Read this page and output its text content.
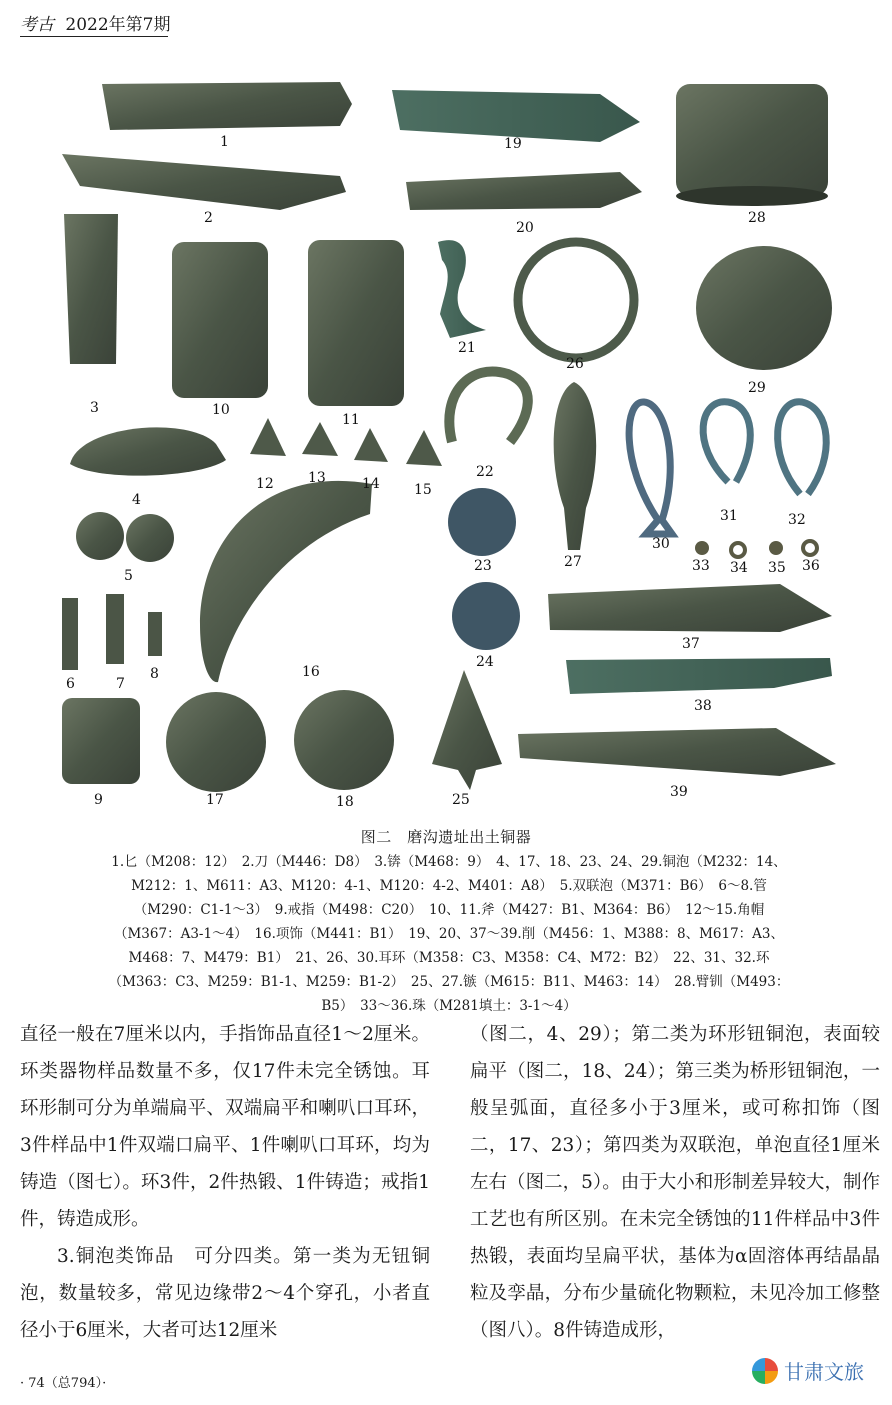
考古 2022年第7期
1
2
3
4
5
6	7
8
9
10
11
12 13	14 15
16
17	18
19
20
21
22
23
24
25
26
27
28
29
30
31	32
33 34 35 36
37
38
39
图二　磨沟遗址出土铜器
1.匕（M208：12）　2.刀（M446：D8）　3.锛（M468：9）　4、17、18、23、24、29.铜泡（M232：14、
M212：1、M611：A3、M120：4-1、M120：4-2、M401：A8）　5.双联泡（M371：B6）　6～8.管
（M290：C1-1～3）　9.戒指（M498：C20）　10、11.斧（M427：B1、M364：B6）　12～15.角帽
（M367：A3-1～4）　16.项饰（M441：B1）　19、20、37～39.削（M456：1、M388：8、M617：A3、
M468：7、M479：B1）　21、26、30.耳环（M358：C3、M358：C4、M72：B2）　22、31、32.环
（M363：C3、M259：B1-1、M259：B1-2）　25、27.镞（M615：B11、M463：14）　28.臂钏（M493：
B5）　33～36.珠（M281填土：3-1～4）

直径一般在7厘米以内，手指饰品直径1～2厘米。环类器物样品数量不多，仅17件未完全锈蚀。耳环形制可分为单端扁平、双端扁平和喇叭口耳环，3件样品中1件双端口扁平、1件喇叭口耳环，均为铸造（图七）。环3件，2件热锻、1件铸造；戒指1件，铸造成形。

3.铜泡类饰品　可分四类。第一类为无钮铜泡，数量较多，常见边缘带2～4个穿孔，小者直径小于6厘米，大者可达12厘米

（图二，4、29）；第二类为环形钮铜泡，表面较扁平（图二，18、24）；第三类为桥形钮铜泡，一般呈弧面，直径多小于3厘米，或可称扣饰（图二，17、23）；第四类为双联泡，单泡直径1厘米左右（图二，5）。由于大小和形制差异较大，制作工艺也有所区别。在未完全锈蚀的11件样品中3件热锻，表面均呈扁平状，基体为α固溶体再结晶晶粒及孪晶，分布少量硫化物颗粒，未见冷加工修整（图八）。8件铸造成形，

· 74（总794）·	甘肃文旅
